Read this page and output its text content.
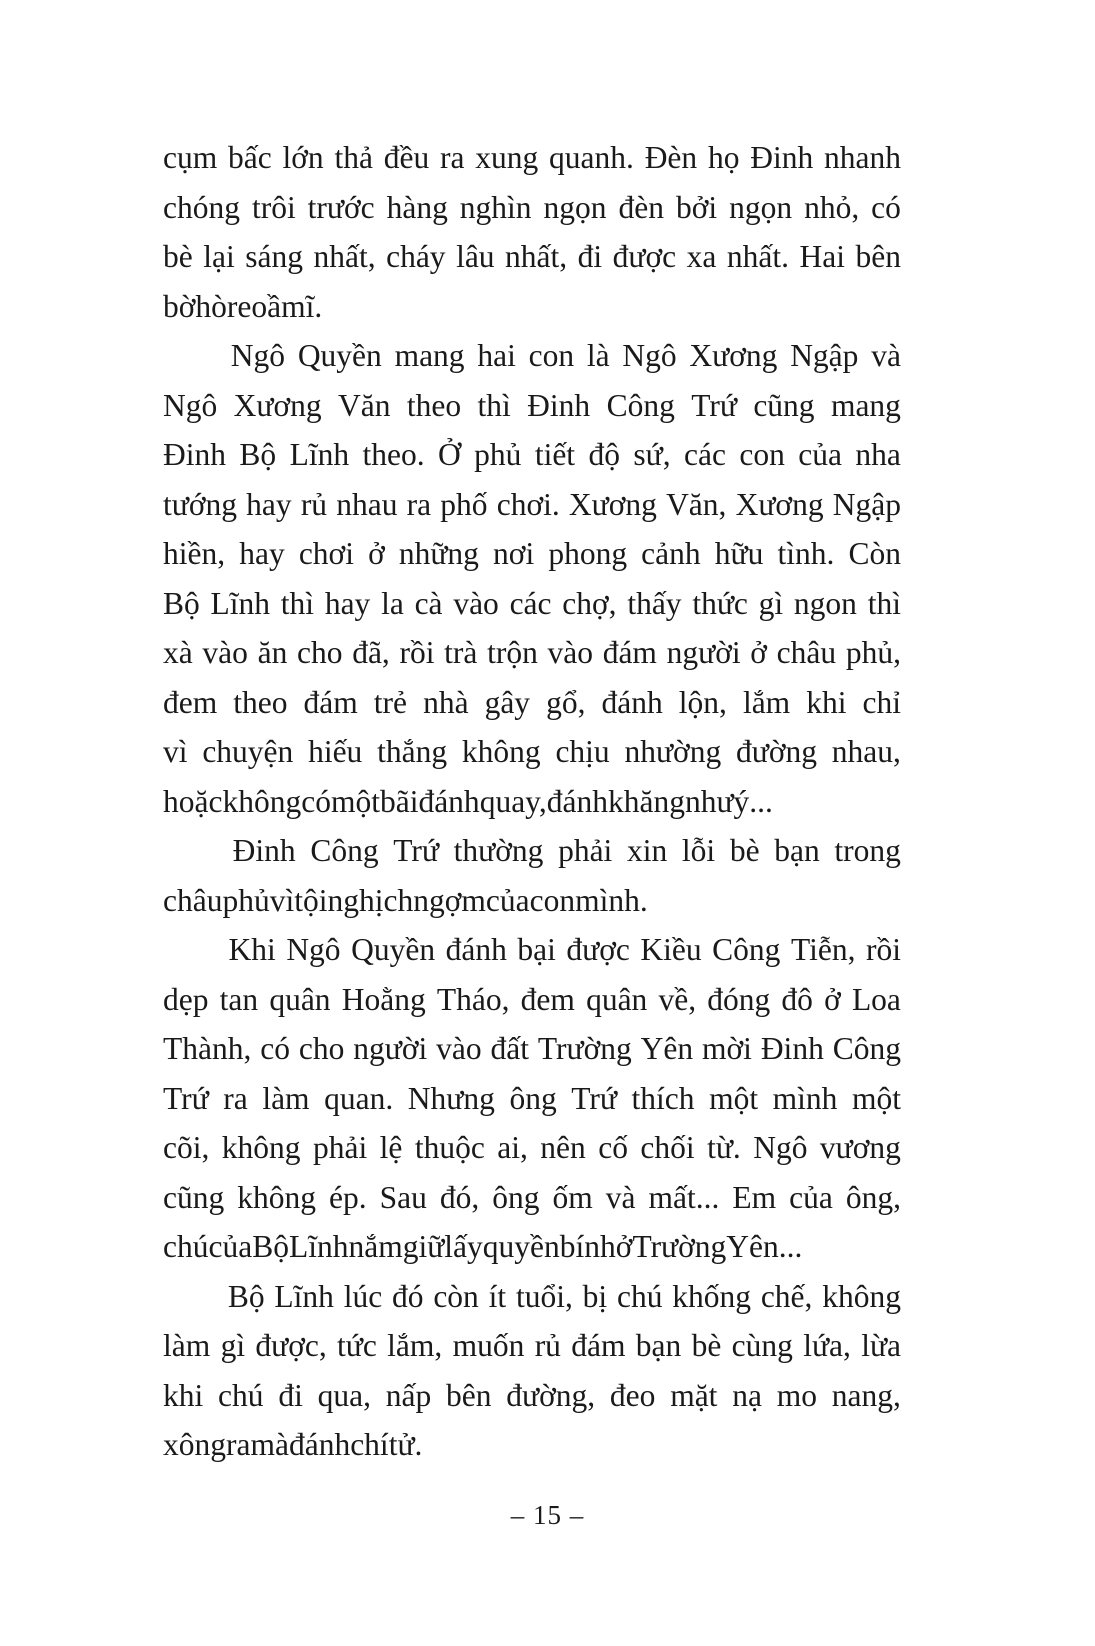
cụm bấc lớn thả đều ra xung quanh. Đèn họ Đinh nhanh
chóng trôi trước hàng nghìn ngọn đèn bởi ngọn nhỏ, có
bè lại sáng nhất, cháy lâu nhất, đi được xa nhất. Hai bên
bờ hò reo ầm ĩ.

Ngô Quyền mang hai con là Ngô Xương Ngập và
Ngô Xương Văn theo thì Đinh Công Trứ cũng mang
Đinh Bộ Lĩnh theo. Ở phủ tiết độ sứ, các con của nha
tướng hay rủ nhau ra phố chơi. Xương Văn, Xương Ngập
hiền, hay chơi ở những nơi phong cảnh hữu tình. Còn
Bộ Lĩnh thì hay la cà vào các chợ, thấy thức gì ngon thì
xà vào ăn cho đã, rồi trà trộn vào đám người ở châu phủ,
đem theo đám trẻ nhà gây gổ, đánh lộn, lắm khi chỉ
vì chuyện hiếu thắng không chịu nhường đường nhau,
hoặc không có một bãi đánh quay, đánh khăng như ý...

Đinh Công Trứ thường phải xin lỗi bè bạn trong
châu phủ vì tội nghịch ngợm của con mình.

Khi Ngô Quyền đánh bại được Kiều Công Tiễn, rồi
dẹp tan quân Hoằng Tháo, đem quân về, đóng đô ở Loa
Thành, có cho người vào đất Trường Yên mời Đinh Công
Trứ ra làm quan. Nhưng ông Trứ thích một mình một
cõi, không phải lệ thuộc ai, nên cố chối từ. Ngô vương
cũng không ép. Sau đó, ông ốm và mất... Em của ông,
chú của Bộ Lĩnh nắm giữ lấy quyền bính ở Trường Yên...

Bộ Lĩnh lúc đó còn ít tuổi, bị chú khống chế, không
làm gì được, tức lắm, muốn rủ đám bạn bè cùng lứa, lừa
khi chú đi qua, nấp bên đường, đeo mặt nạ mo nang,
xông ra mà đánh chí tử.

– 15 –
